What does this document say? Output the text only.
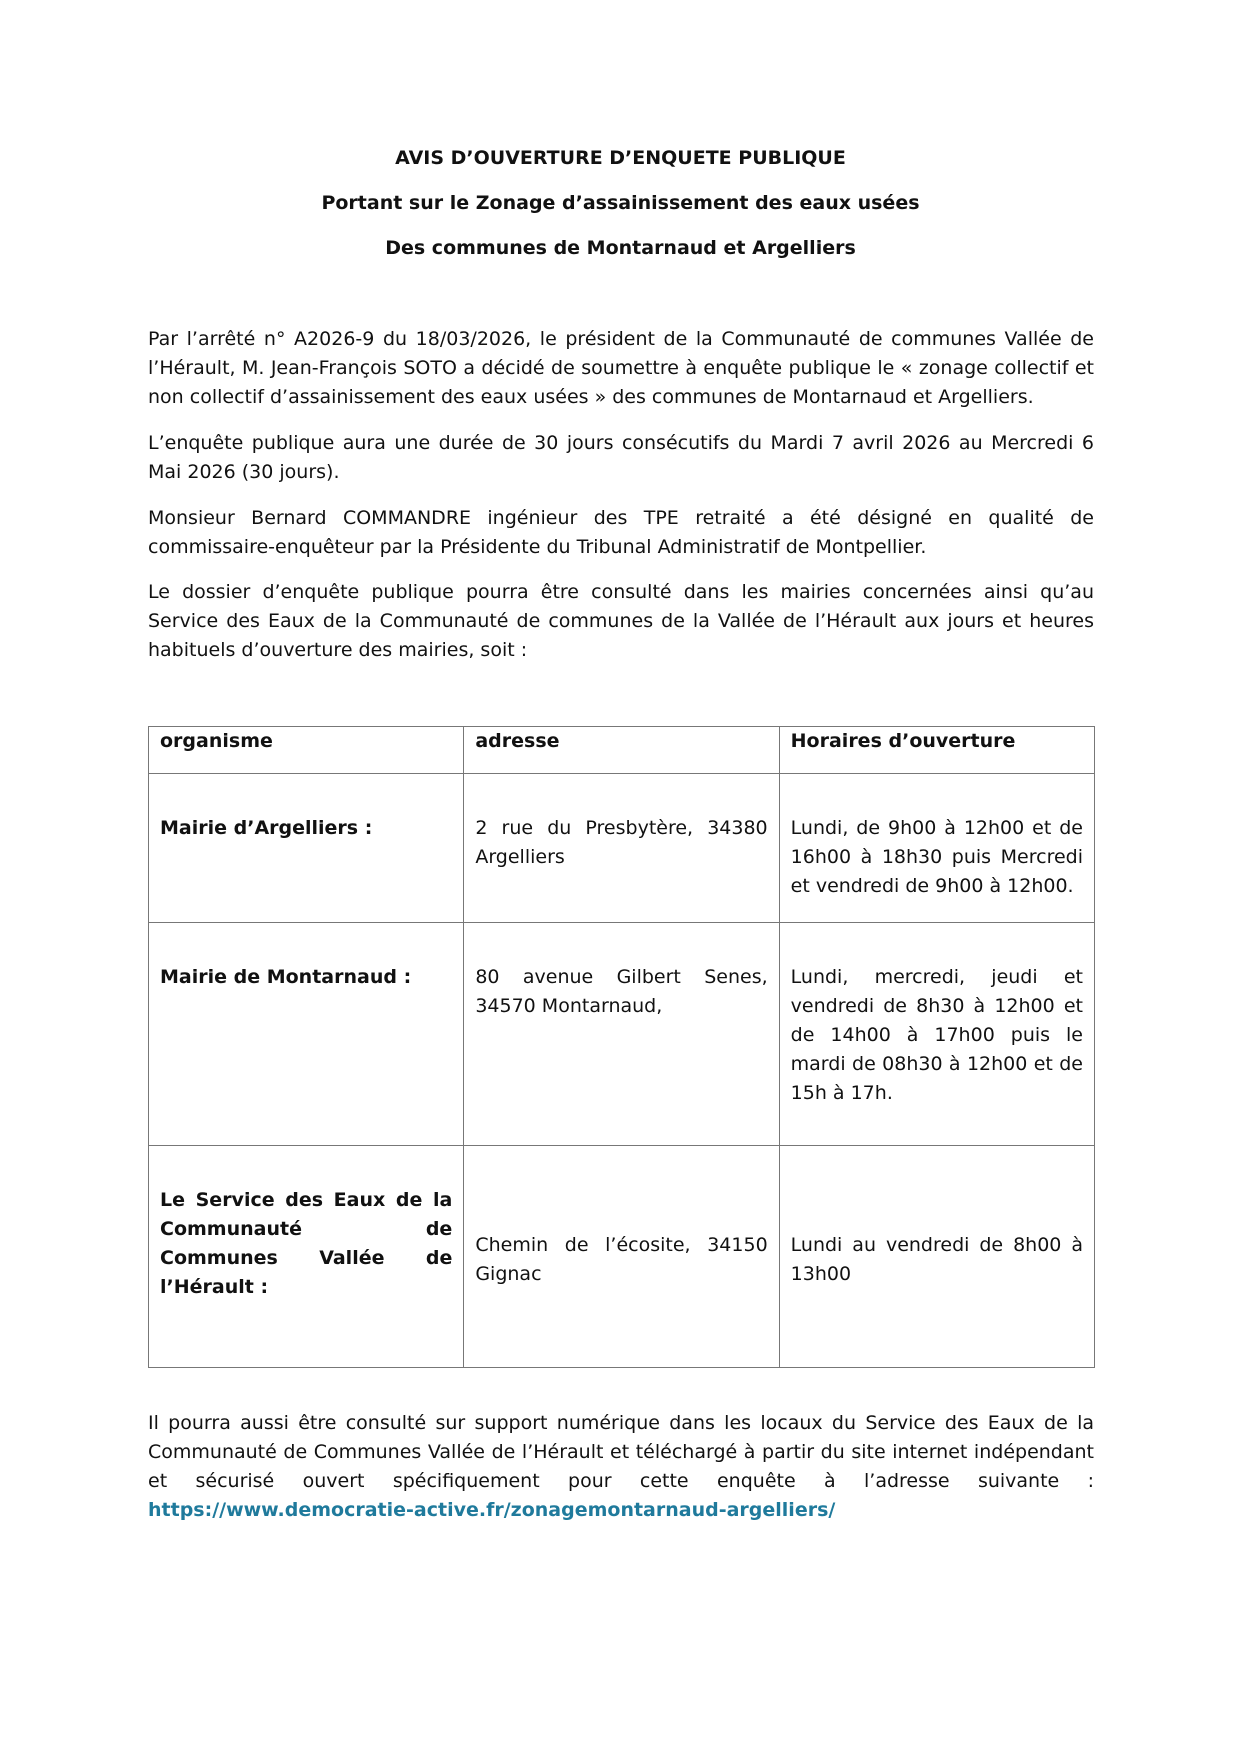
AVIS D’OUVERTURE D’ENQUETE PUBLIQUE
Portant sur le Zonage d’assainissement des eaux usées
Des communes de Montarnaud et Argelliers

Par l’arrêté n° A2026-9 du 18/03/2026, le président de la Communauté de communes Vallée de l’Hérault, M. Jean-François SOTO a décidé de soumettre à enquête publique le « zonage collectif et non collectif d’assainissement des eaux usées » des communes de Montarnaud et Argelliers.

L’enquête publique aura une durée de 30 jours consécutifs du Mardi 7 avril 2026 au Mercredi 6 Mai 2026 (30 jours).

Monsieur Bernard COMMANDRE ingénieur des TPE retraité a été désigné en qualité de commissaire-enquêteur par la Présidente du Tribunal Administratif de Montpellier.

Le dossier d’enquête publique pourra être consulté dans les mairies concernées ainsi qu’au Service des Eaux de la Communauté de communes de la Vallée de l’Hérault aux jours et heures habituels d’ouverture des mairies, soit :

organisme	adresse	Horaires d’ouverture
Mairie d’Argelliers :	2 rue du Presbytère, 34380 Argelliers	Lundi, de 9h00 à 12h00 et de 16h00 à 18h30 puis Mercredi et vendredi de 9h00 à 12h00.
Mairie de Montarnaud :	80 avenue Gilbert Senes, 34570 Montarnaud,	Lundi, mercredi, jeudi et vendredi de 8h30 à 12h00 et de 14h00 à 17h00 puis le mardi de 08h30 à 12h00 et de 15h à 17h.
Le Service des Eaux de la Communauté de Communes Vallée de l’Hérault :	Chemin de l’écosite, 34150 Gignac	Lundi au vendredi de 8h00 à 13h00

Il pourra aussi être consulté sur support numérique dans les locaux du Service des Eaux de la Communauté de Communes Vallée de l’Hérault et téléchargé à partir du site internet indépendant et sécurisé ouvert spécifiquement pour cette enquête à l’adresse suivante : https://www.democratie-active.fr/zonagemontarnaud-argelliers/
